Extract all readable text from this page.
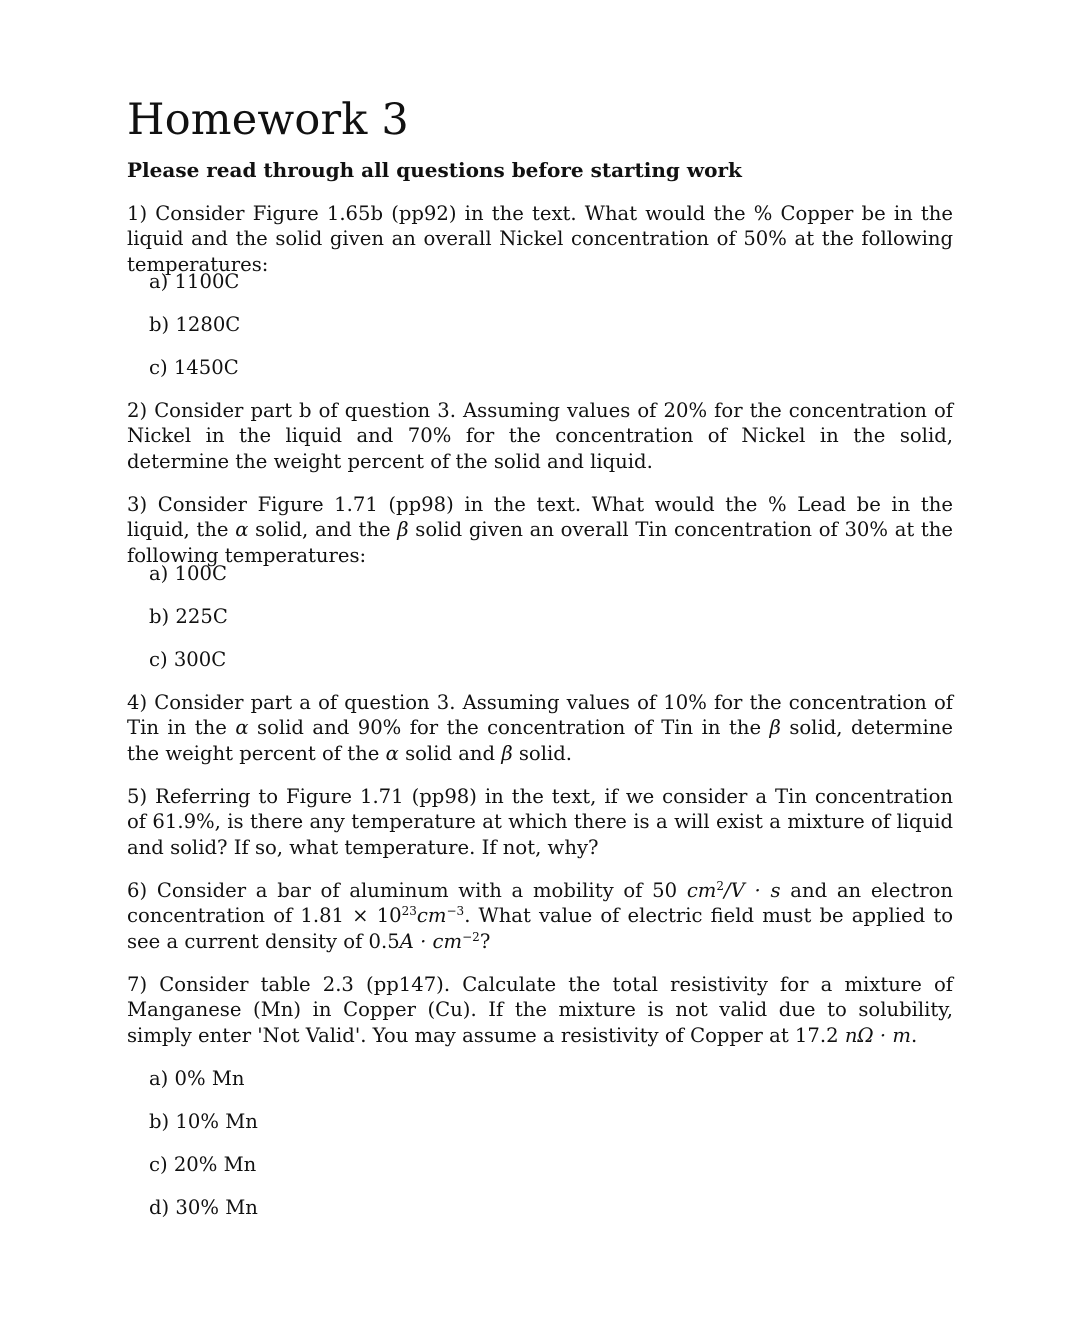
Homework 3

Please read through all questions before starting work

1) Consider Figure 1.65b (pp92) in the text. What would the % Copper be in the liquid and the solid given an overall Nickel concentration of 50% at the following temperatures:

a) 1100C

b) 1280C

c) 1450C

2) Consider part b of question 3. Assuming values of 20% for the concentration of Nickel in the liquid and 70% for the concentration of Nickel in the solid, determine the weight percent of the solid and liquid.

3) Consider Figure 1.71 (pp98) in the text. What would the % Lead be in the liquid, the α solid, and the β solid given an overall Tin concentration of 30% at the following temperatures:

a) 100C

b) 225C

c) 300C

4) Consider part a of question 3. Assuming values of 10% for the concentration of Tin in the α solid and 90% for the concentration of Tin in the β solid, determine the weight percent of the α solid and β solid.

5) Referring to Figure 1.71 (pp98) in the text, if we consider a Tin concentration of 61.9%, is there any temperature at which there is a will exist a mixture of liquid and solid? If so, what temperature. If not, why?

6) Consider a bar of aluminum with a mobility of 50 $cm^2/V \cdot s$ and an electron concentration of $1.81 \times 10^{23}cm^{-3}$. What value of electric field must be applied to see a current density of $0.5A \cdot cm^{-2}$?

7) Consider table 2.3 (pp147). Calculate the total resistivity for a mixture of Manganese (Mn) in Copper (Cu). If the mixture is not valid due to solubility, simply enter 'Not Valid'. You may assume a resistivity of Copper at 17.2 nΩ · m.

a) 0% Mn

b) 10% Mn

c) 20% Mn

d) 30% Mn
